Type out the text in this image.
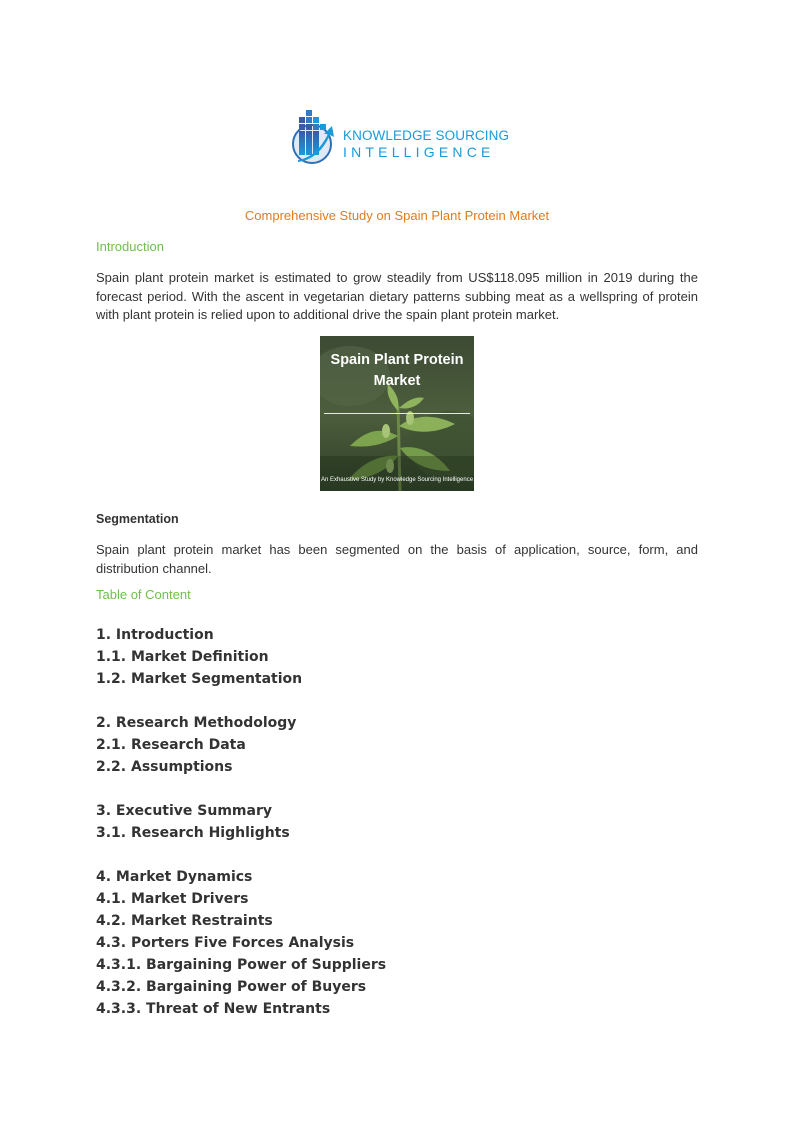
KNOWLEDGE SOURCING
INTELLIGENCE
Comprehensive Study on Spain Plant Protein Market
Introduction
Spain plant protein market is estimated to grow steadily from US$118.095 million in 2019 during the forecast period. With the ascent in vegetarian dietary patterns subbing meat as a wellspring of protein with plant protein is relied upon to additional drive the spain plant protein market.
Spain Plant Protein Market
An Exhaustive Study by Knowledge Sourcing Intelligence
Segmentation
Spain plant protein market has been segmented on the basis of application, source, form, and distribution channel.
Table of Content
1. Introduction
1.1. Market Definition
1.2. Market Segmentation
2. Research Methodology
2.1. Research Data
2.2. Assumptions
3. Executive Summary
3.1. Research Highlights
4. Market Dynamics
4.1. Market Drivers
4.2. Market Restraints
4.3. Porters Five Forces Analysis
4.3.1. Bargaining Power of Suppliers
4.3.2. Bargaining Power of Buyers
4.3.3. Threat of New Entrants
